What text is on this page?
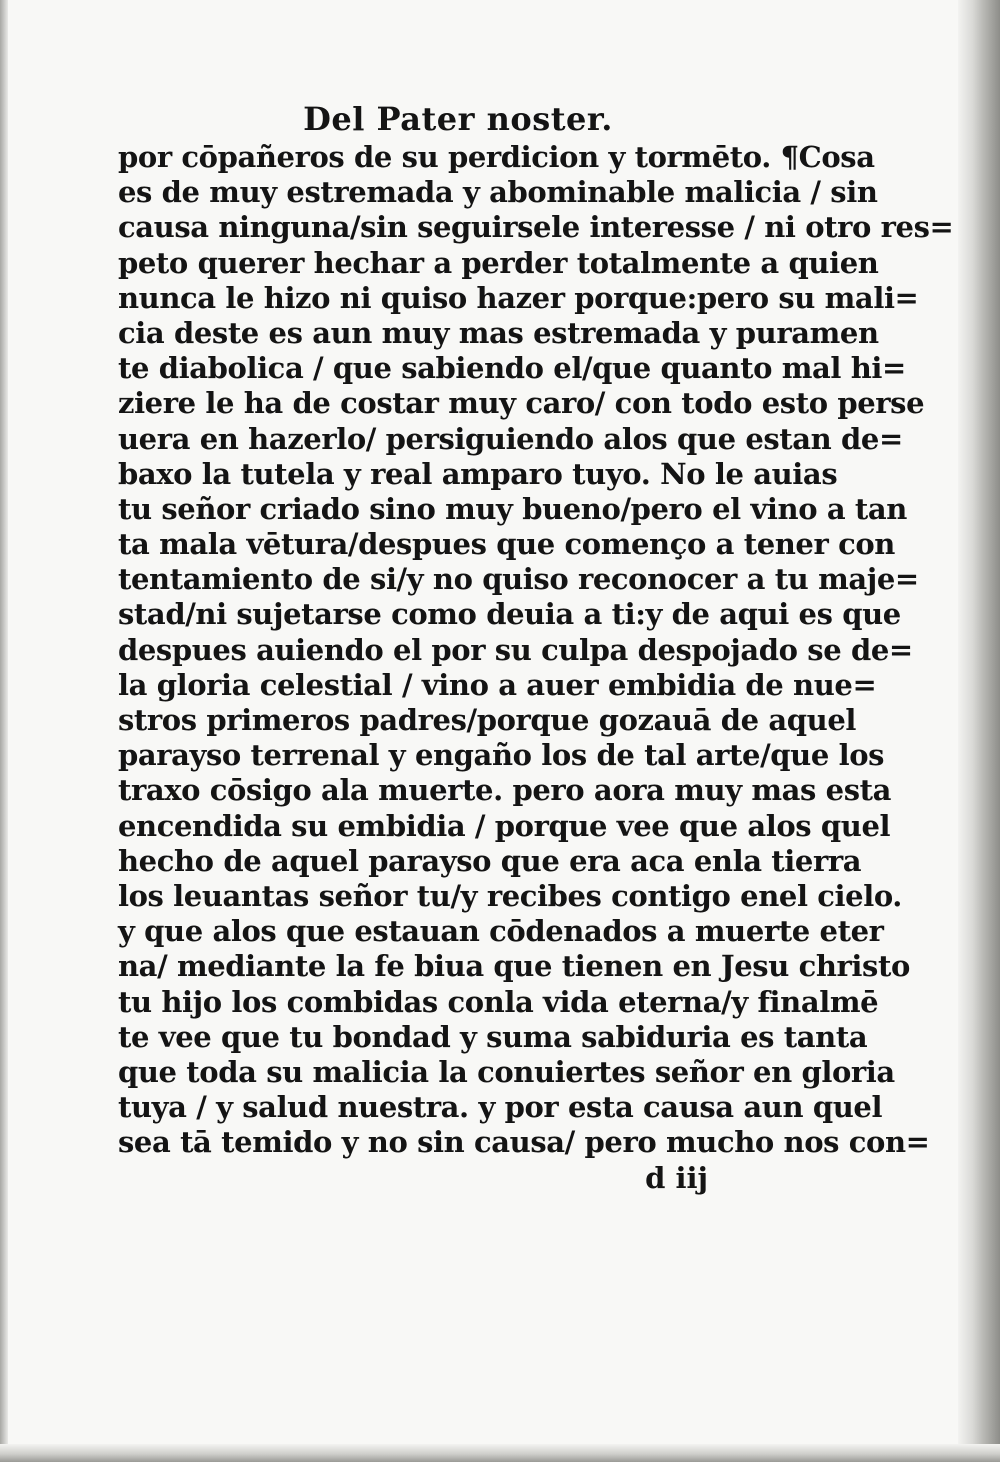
Del Pater noster.
por cōpañeros de su perdicion y tormēto. ¶Cosa
es de muy estremada y abominable malicia / sin
causa ninguna/sin seguirsele interesse / ni otro res=
peto querer hechar a perder totalmente a quien
nunca le hizo ni quiso hazer porque:pero su mali=
cia deste es aun muy mas estremada y puramen
te diabolica / que sabiendo el/que quanto mal hi=
ziere le ha de costar muy caro/ con todo esto perse
uera en hazerlo/ persiguiendo alos que estan de=
baxo la tutela y real amparo tuyo. No le auias
tu señor criado sino muy bueno/pero el vino a tan
ta mala vētura/despues que començo a tener con
tentamiento de si/y no quiso reconocer a tu maje=
stad/ni sujetarse como deuia a ti:y de aqui es que
despues auiendo el por su culpa despojado se de=
la gloria celestial / vino a auer embidia de nue=
stros primeros padres/porque gozauā de aquel
parayso terrenal y engaño los de tal arte/que los
traxo cōsigo ala muerte. pero aora muy mas esta
encendida su embidia / porque vee que alos quel
hecho de aquel parayso que era aca enla tierra
los leuantas señor tu/y recibes contigo enel cielo.
y que alos que estauan cōdenados a muerte eter
na/ mediante la fe biua que tienen en Jesu christo
tu hijo los combidas conla vida eterna/y finalmē
te vee que tu bondad y suma sabiduria es tanta
que toda su malicia la conuiertes señor en gloria
tuya / y salud nuestra. y por esta causa aun quel
sea tā temido y no sin causa/ pero mucho nos con=
d iij
